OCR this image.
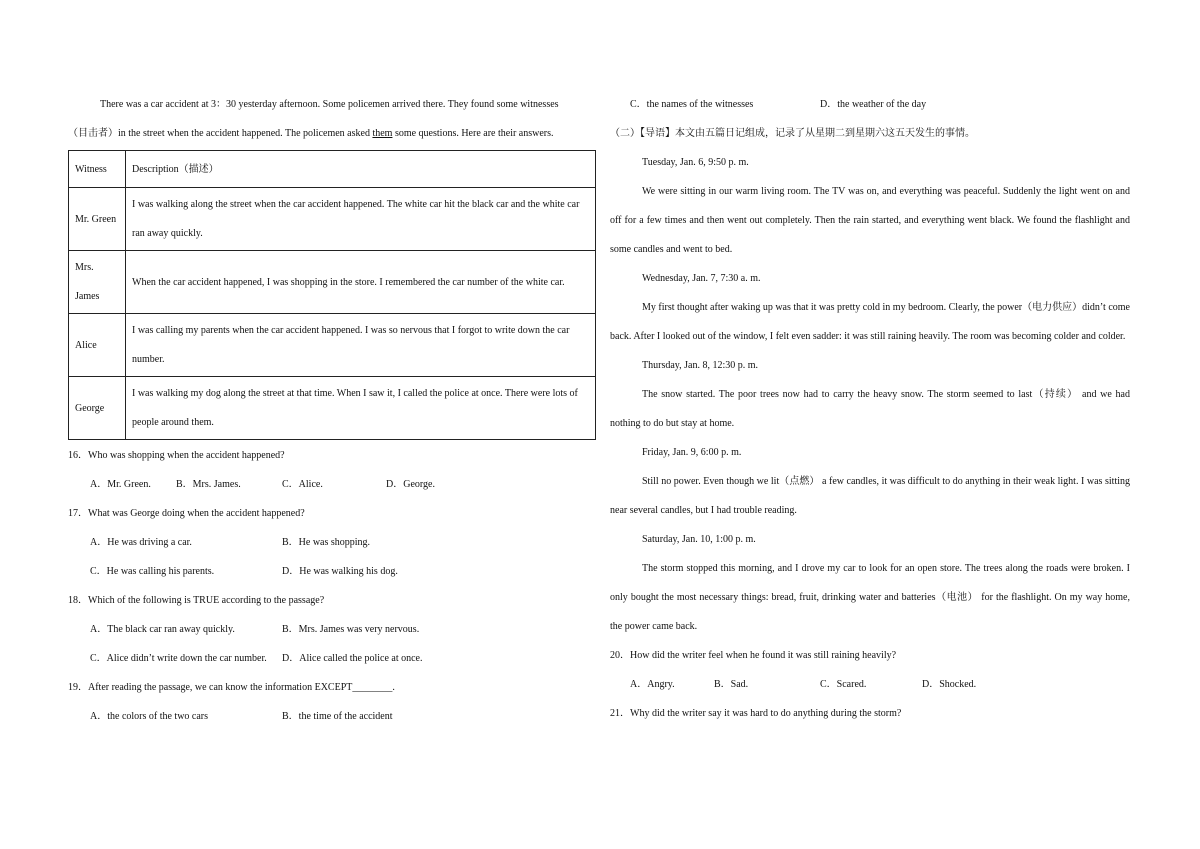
There was a car accident at 3：30 yesterday afternoon. Some policemen arrived there. They found some witnesses
（目击者）in the street when the accident happened. The policemen asked them some questions. Here are their answers.
Witness	Description（描述）
Mr. Green	I was walking along the street when the car accident happened. The white car hit the black car and the white car ran away quickly.
Mrs. James	When the car accident happened, I was shopping in the store. I remembered the car number of the white car.
Alice	I was calling my parents when the car accident happened. I was so nervous that I forgot to write down the car number.
George	I was walking my dog along the street at that time. When I saw it, I called the police at once. There were lots of people around them.
16．Who was shopping when the accident happened?
A．Mr. Green.	B．Mrs. James.	C．Alice.	D．George.
17．What was George doing when the accident happened?
A．He was driving a car.	B．He was shopping.
C．He was calling his parents.	D．He was walking his dog.
18．Which of the following is TRUE according to the passage?
A．The black car ran away quickly.	B．Mrs. James was very nervous.
C．Alice didn’t write down the car number. D．Alice called the police at once.
19．After reading the passage, we can know the information EXCEPT________.
A．the colors of the two cars	B．the time of the accident
C．the names of the witnesses	D．the weather of the day
（二）【导语】本文由五篇日记组成，记录了从星期二到星期六这五天发生的事情。
Tuesday, Jan. 6, 9:50 p. m.
We were sitting in our warm living room. The TV was on, and everything was peaceful. Suddenly the light went on and off for a few times and then went out completely. Then the rain started, and everything went black. We found the flashlight and some candles and went to bed.
Wednesday, Jan. 7, 7:30 a. m.
My first thought after waking up was that it was pretty cold in my bedroom. Clearly, the power（电力供应）didn’t come back. After I looked out of the window, I felt even sadder: it was still raining heavily. The room was becoming colder and colder.
Thursday, Jan. 8, 12:30 p. m.
The snow started. The poor trees now had to carry the heavy snow. The storm seemed to last（持续） and we had nothing to do but stay at home.
Friday, Jan. 9, 6:00 p. m.
Still no power. Even though we lit（点燃） a few candles, it was difficult to do anything in their weak light. I was sitting near several candles, but I had trouble reading.
Saturday, Jan. 10, 1:00 p. m.
The storm stopped this morning, and I drove my car to look for an open store. The trees along the roads were broken. I only bought the most necessary things: bread, fruit, drinking water and batteries（电池） for the flashlight. On my way home, the power came back.
20．How did the writer feel when he found it was still raining heavily?
A．Angry.	B．Sad.	C．Scared.	D．Shocked.
21．Why did the writer say it was hard to do anything during the storm?
